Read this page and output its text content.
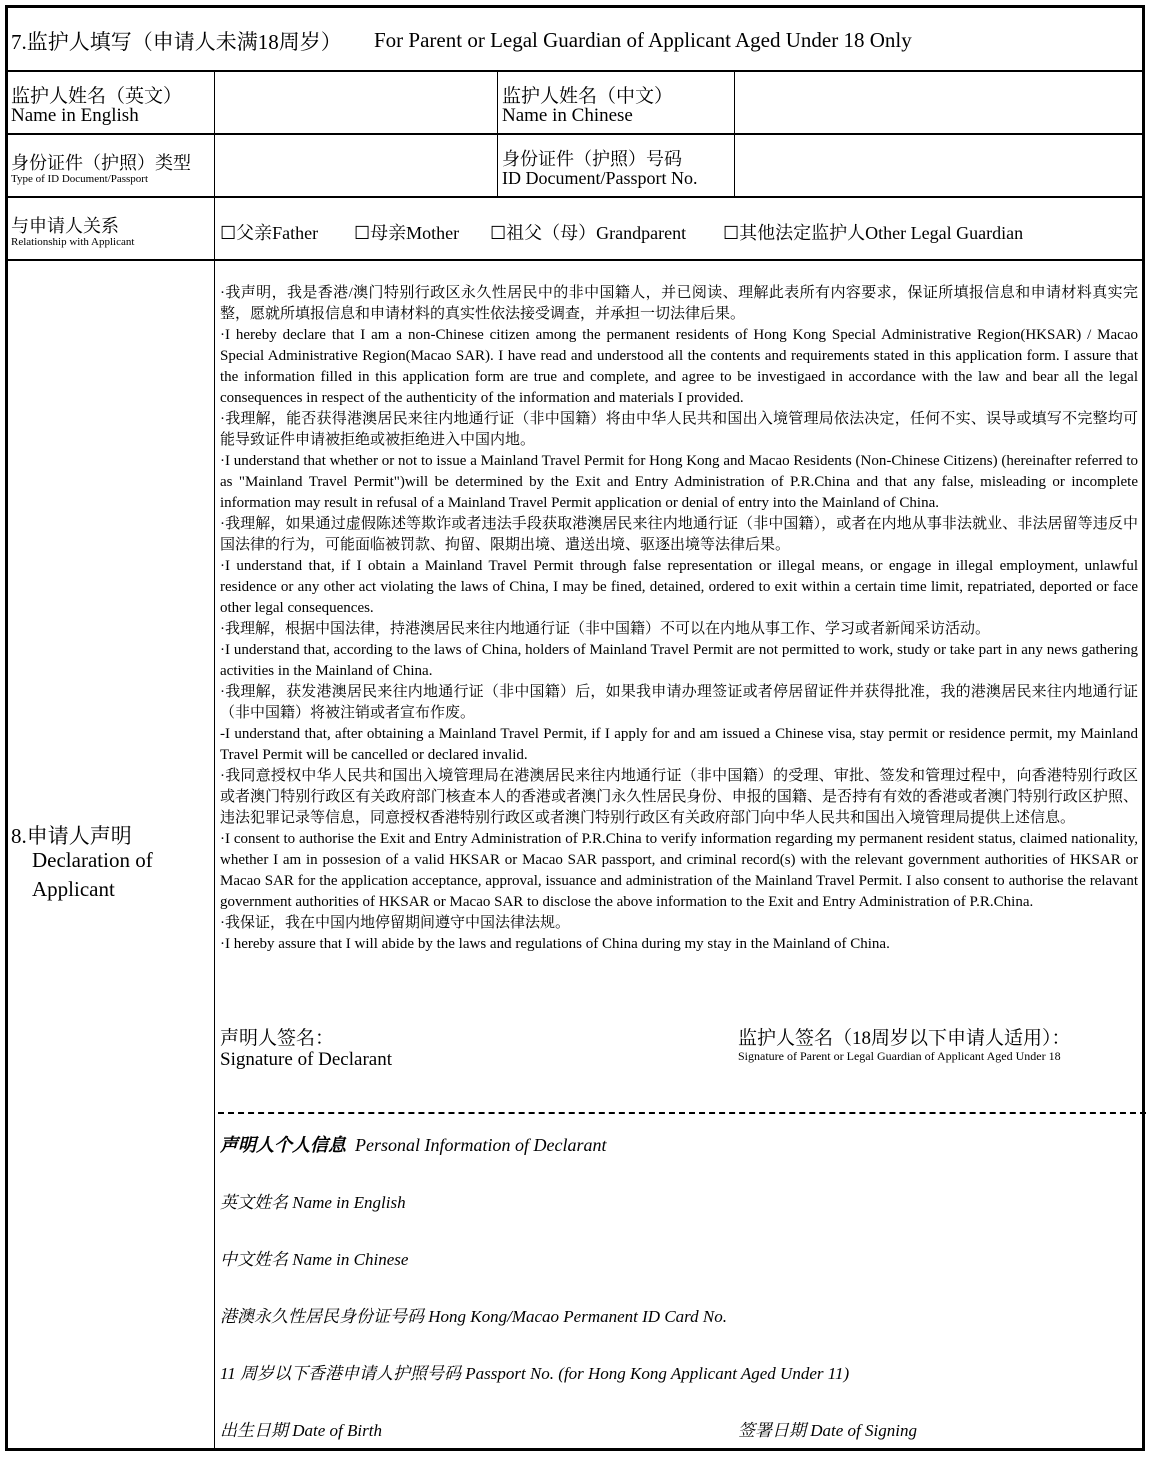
7.监护人填写（申请人未满18周岁） For Parent or Legal Guardian of Applicant Aged Under 18 Only
监护人姓名（英文）
Name in English
监护人姓名（中文）
Name in Chinese
身份证件（护照）类型
Type of ID Document/Passport
身份证件（护照）号码
ID Document/Passport No.
与申请人关系
Relationship with Applicant	☐父亲Father ☐母亲Mother ☐祖父（母）Grandparent ☐其他法定监护人Other Legal Guardian
8.申请人声明
Declaration of
Applicant

·我声明，我是香港/澳门特别行政区永久性居民中的非中国籍人，并已阅读、理解此表所有内容要求，保证所填报信息和申请材料真实完整，愿就所填报信息和申请材料的真实性依法接受调查，并承担一切法律后果。

·I hereby declare that I am a non-Chinese citizen among the permanent residents of Hong Kong Special Administrative Region(HKSAR) / Macao Special Administrative Region(Macao SAR). I have read and understood all the contents and requirements stated in this application form. I assure that the information filled in this application form are true and complete, and agree to be investigaed in accordance with the law and bear all the legal consequences in respect of the authenticity of the information and materials I provided.

·我理解，能否获得港澳居民来往内地通行证（非中国籍）将由中华人民共和国出入境管理局依法决定，任何不实、误导或填写不完整均可能导致证件申请被拒绝或被拒绝进入中国内地。

·I understand that whether or not to issue a Mainland Travel Permit for Hong Kong and Macao Residents (Non-Chinese Citizens) (hereinafter referred to as "Mainland Travel Permit")will be determined by the Exit and Entry Administration of P.R.China and that any false, misleading or incomplete information may result in refusal of a Mainland Travel Permit application or denial of entry into the Mainland of China.

·我理解，如果通过虚假陈述等欺诈或者违法手段获取港澳居民来往内地通行证（非中国籍），或者在内地从事非法就业、非法居留等违反中国法律的行为，可能面临被罚款、拘留、限期出境、遣送出境、驱逐出境等法律后果。

·I understand that, if I obtain a Mainland Travel Permit through false representation or illegal means, or engage in illegal employment, unlawful residence or any other act violating the laws of China, I may be fined, detained, ordered to exit within a certain time limit, repatriated, deported or face other legal consequences.

·我理解，根据中国法律，持港澳居民来往内地通行证（非中国籍）不可以在内地从事工作、学习或者新闻采访活动。

·I understand that, according to the laws of China, holders of Mainland Travel Permit are not permitted to work, study or take part in any news gathering activities in the Mainland of China.

·我理解，获发港澳居民来往内地通行证（非中国籍）后，如果我申请办理签证或者停居留证件并获得批准，我的港澳居民来往内地通行证（非中国籍）将被注销或者宣布作废。

-I understand that, after obtaining a Mainland Travel Permit, if I apply for and am issued a Chinese visa, stay permit or residence permit, my Mainland Travel Permit will be cancelled or declared invalid.

·我同意授权中华人民共和国出入境管理局在港澳居民来往内地通行证（非中国籍）的受理、审批、签发和管理过程中，向香港特别行政区或者澳门特别行政区有关政府部门核查本人的香港或者澳门永久性居民身份、申报的国籍、是否持有有效的香港或者澳门特别行政区护照、违法犯罪记录等信息，同意授权香港特别行政区或者澳门特别行政区有关政府部门向中华人民共和国出入境管理局提供上述信息。

·I consent to authorise the Exit and Entry Administration of P.R.China to verify information regarding my permanent resident status, claimed nationality, whether I am in possesion of a valid HKSAR or Macao SAR passport, and criminal record(s) with the relevant government authorities of HKSAR or Macao SAR for the application acceptance, approval, issuance and administration of the Mainland Travel Permit. I also consent to authorise the relavant government authorities of HKSAR or Macao SAR to disclose the above information to the Exit and Entry Administration of P.R.China.

·我保证，我在中国内地停留期间遵守中国法律法规。

·I hereby assure that I will abide by the laws and regulations of China during my stay in the Mainland of China.

声明人签名：
Signature of Declarant
监护人签名（18周岁以下申请人适用）：
Signature of Parent or Legal Guardian of Applicant Aged Under 18
声明人个人信息 Personal Information of Declarant
英文姓名 Name in English
中文姓名 Name in Chinese
港澳永久性居民身份证号码 Hong Kong/Macao Permanent ID Card No.
11 周岁以下香港申请人护照号码 Passport No. (for Hong Kong Applicant Aged Under 11)
出生日期 Date of Birth	签署日期 Date of Signing
